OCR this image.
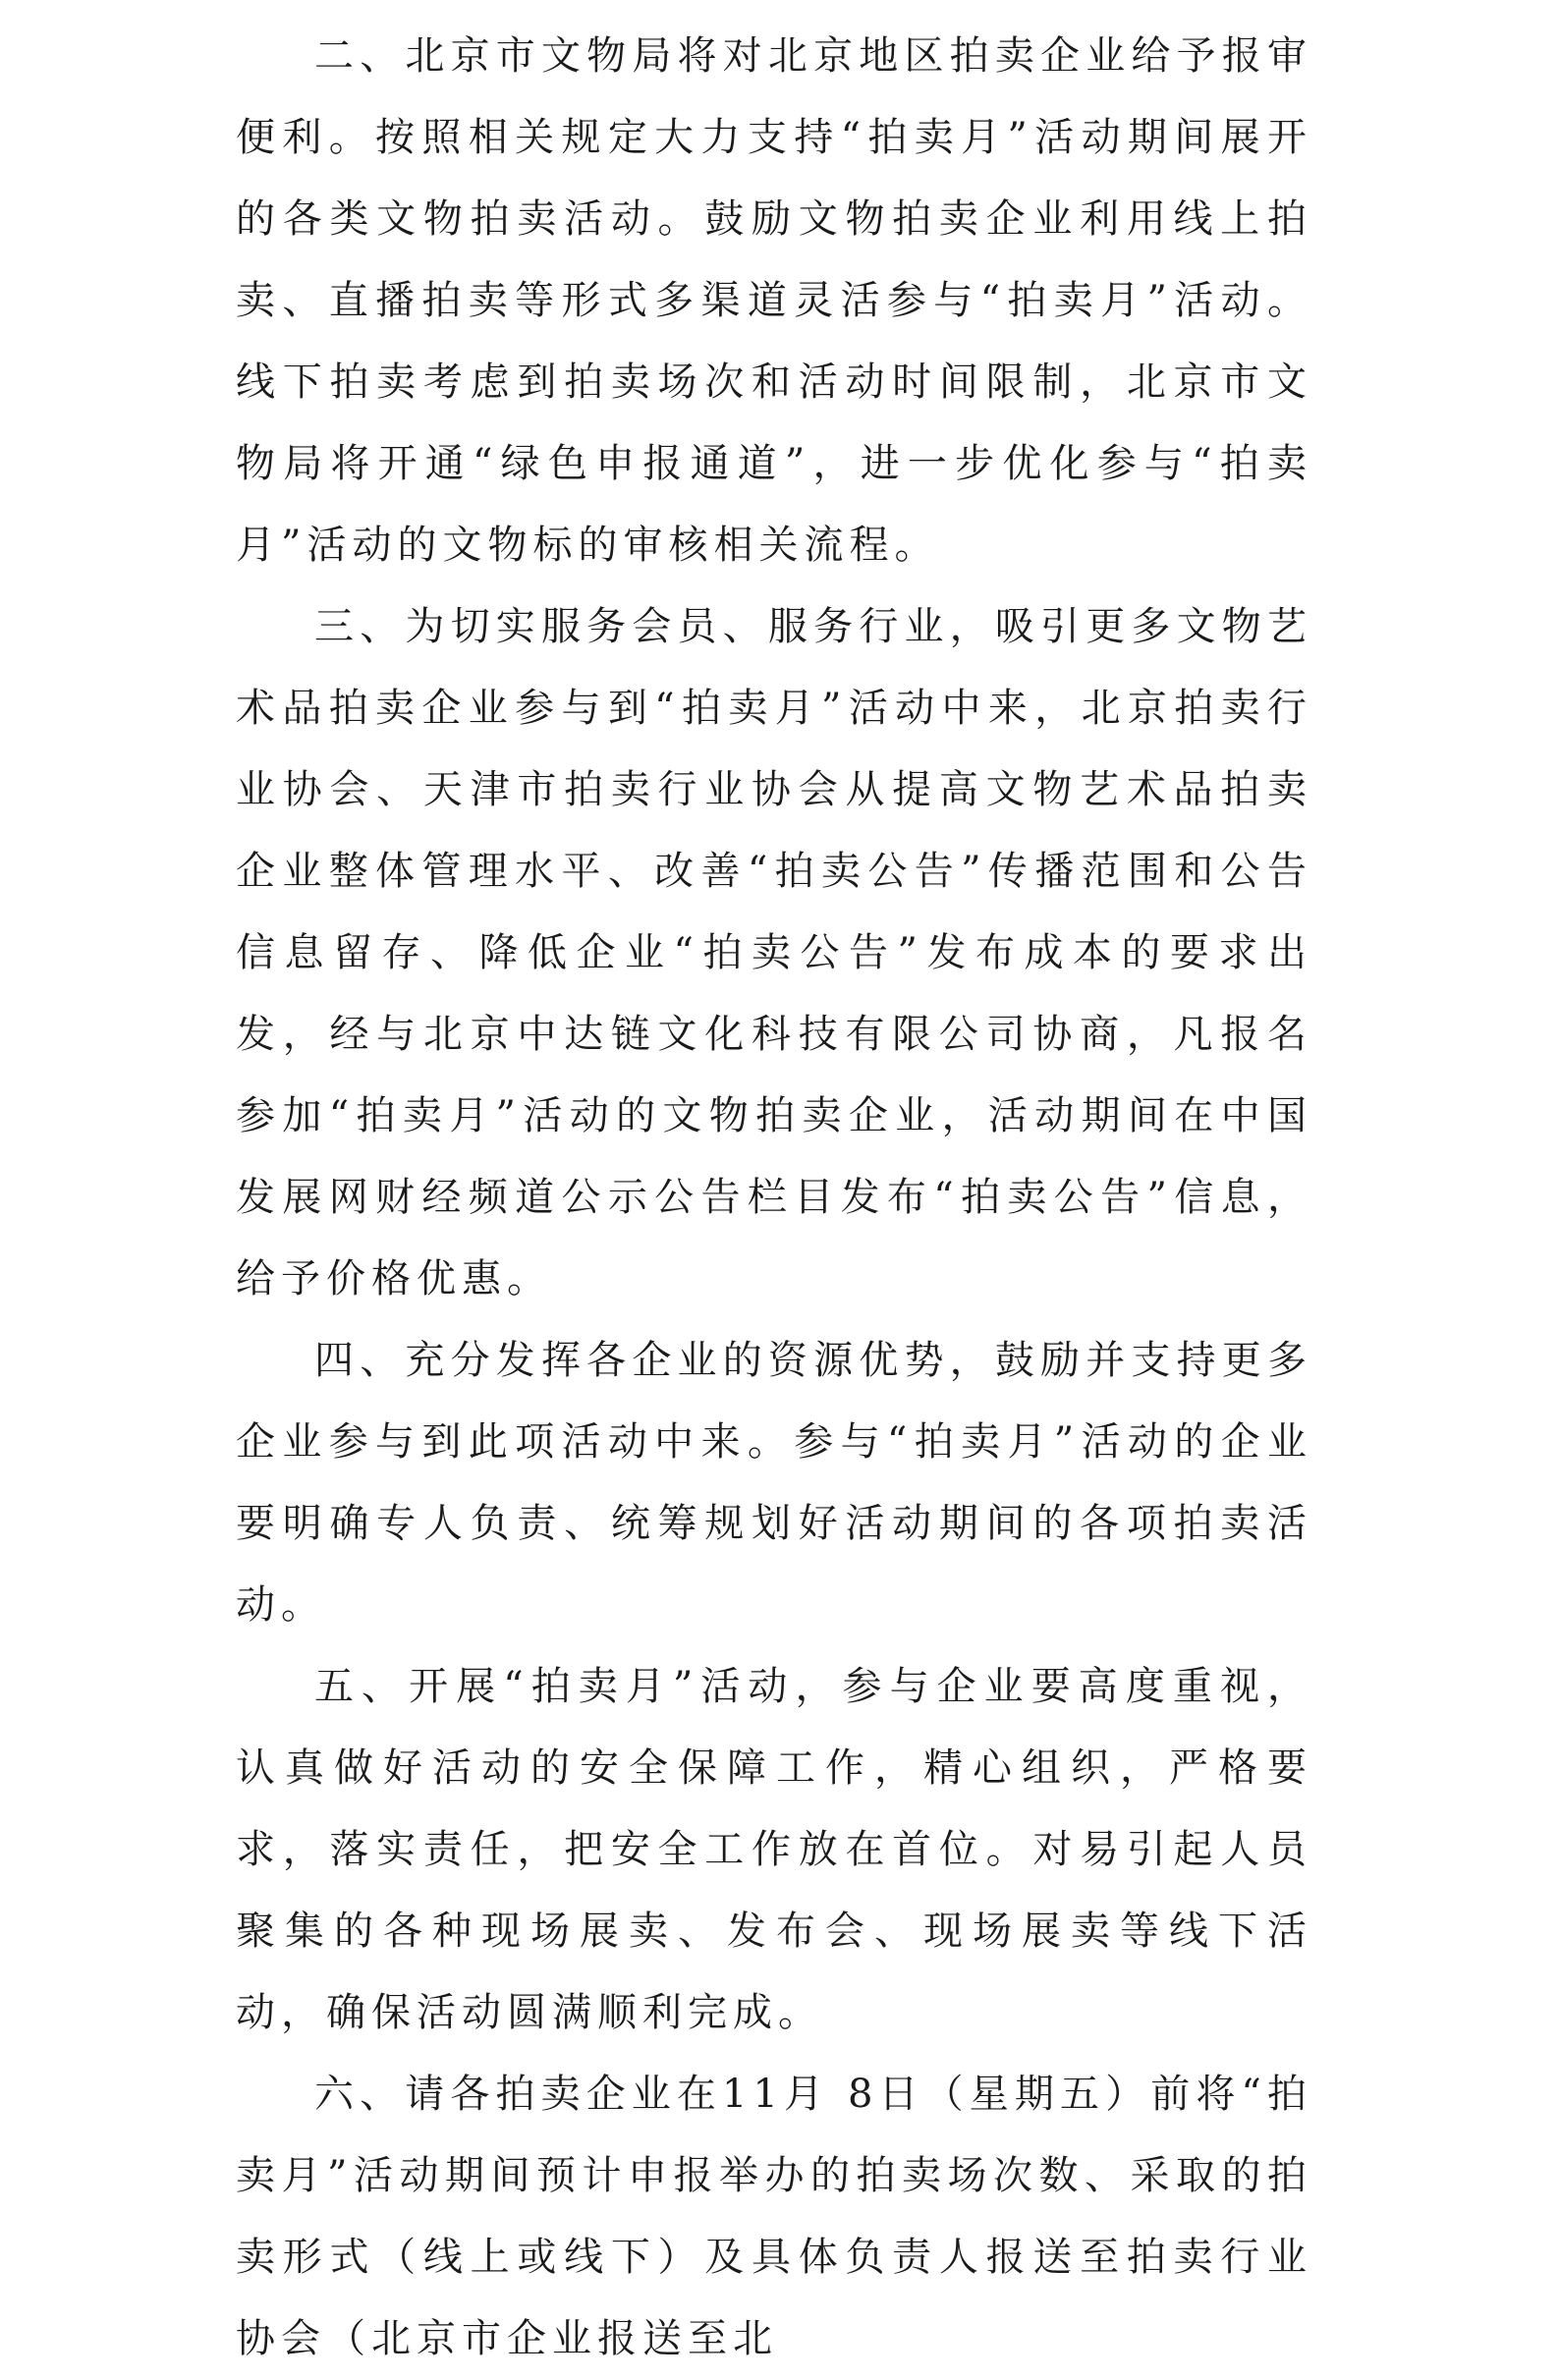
二、北京市文物局将对北京地区拍卖企业给予报审便利。按照相关规定大力支持“拍卖月”活动期间展开的各类文物拍卖活动。鼓励文物拍卖企业利用线上拍卖、直播拍卖等形式多渠道灵活参与“拍卖月”活动。线下拍卖考虑到拍卖场次和活动时间限制，北京市文物局将开通“绿色申报通道”，进一步优化参与“拍卖月”活动的文物标的审核相关流程。

三、为切实服务会员、服务行业，吸引更多文物艺术品拍卖企业参与到“拍卖月”活动中来，北京拍卖行业协会、天津市拍卖行业协会从提高文物艺术品拍卖企业整体管理水平、改善“拍卖公告”传播范围和公告信息留存、降低企业“拍卖公告”发布成本的要求出发，经与北京中达链文化科技有限公司协商，凡报名参加“拍卖月”活动的文物拍卖企业，活动期间在中国发展网财经频道公示公告栏目发布“拍卖公告”信息，给予价格优惠。

四、充分发挥各企业的资源优势，鼓励并支持更多企业参与到此项活动中来。参与“拍卖月”活动的企业要明确专人负责、统筹规划好活动期间的各项拍卖活动。

五、开展“拍卖月”活动，参与企业要高度重视，认真做好活动的安全保障工作，精心组织，严格要求，落实责任，把安全工作放在首位。对易引起人员聚集的各种现场展卖、发布会、现场展卖等线下活动，确保活动圆满顺利完成。

六、请各拍卖企业在11月 8日（星期五）前将“拍卖月”活动期间预计申报举办的拍卖场次数、采取的拍卖形式（线上或线下）及具体负责人报送至拍卖行业协会（北京市企业报送至北
